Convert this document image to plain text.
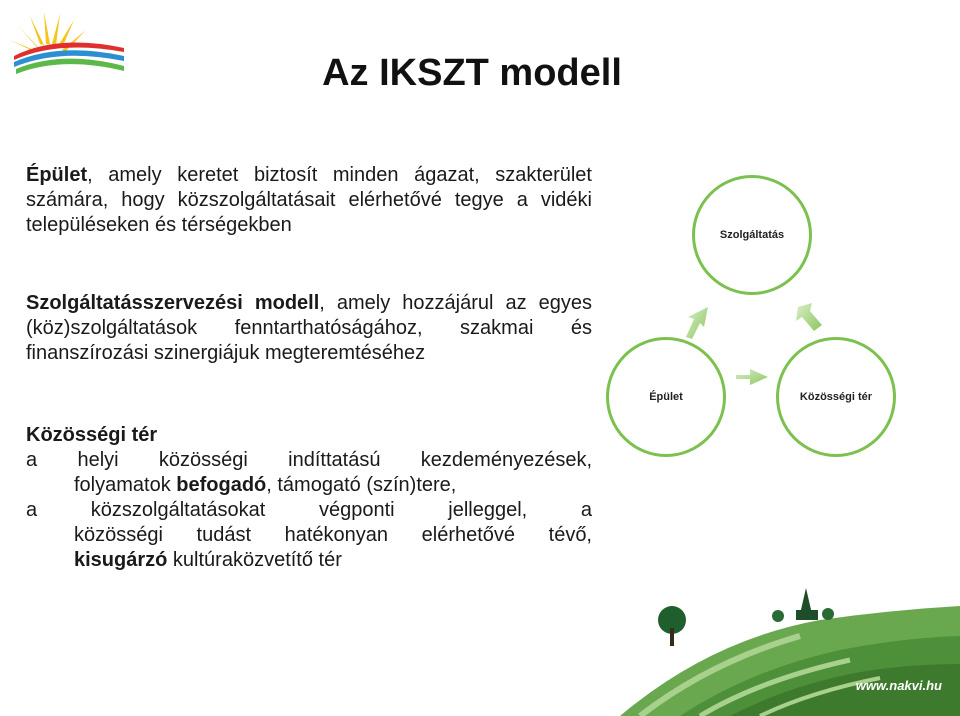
Az IKSZT modell
Épület, amely keretet biztosít minden ágazat, szakterület számára, hogy közszolgáltatásait elérhetővé tegye a vidéki településeken és térségekben
Szolgáltatásszervezési modell, amely hozzájárul az egyes (köz)szolgáltatások fenntarthatóságához, szakmai és finanszírozási szinergiájuk megteremtéséhez
Közösségi tér
a helyi közösségi indíttatású kezdeményezések,
folyamatok befogadó, támogató (szín)tere,
a közszolgáltatásokat végponti jelleggel, a
közösségi tudást hatékonyan elérhetővé tévő,
kisugárzó kultúraközvetítő tér
Szolgáltatás
Épület	Közösségi tér
www.nakvi.hu
